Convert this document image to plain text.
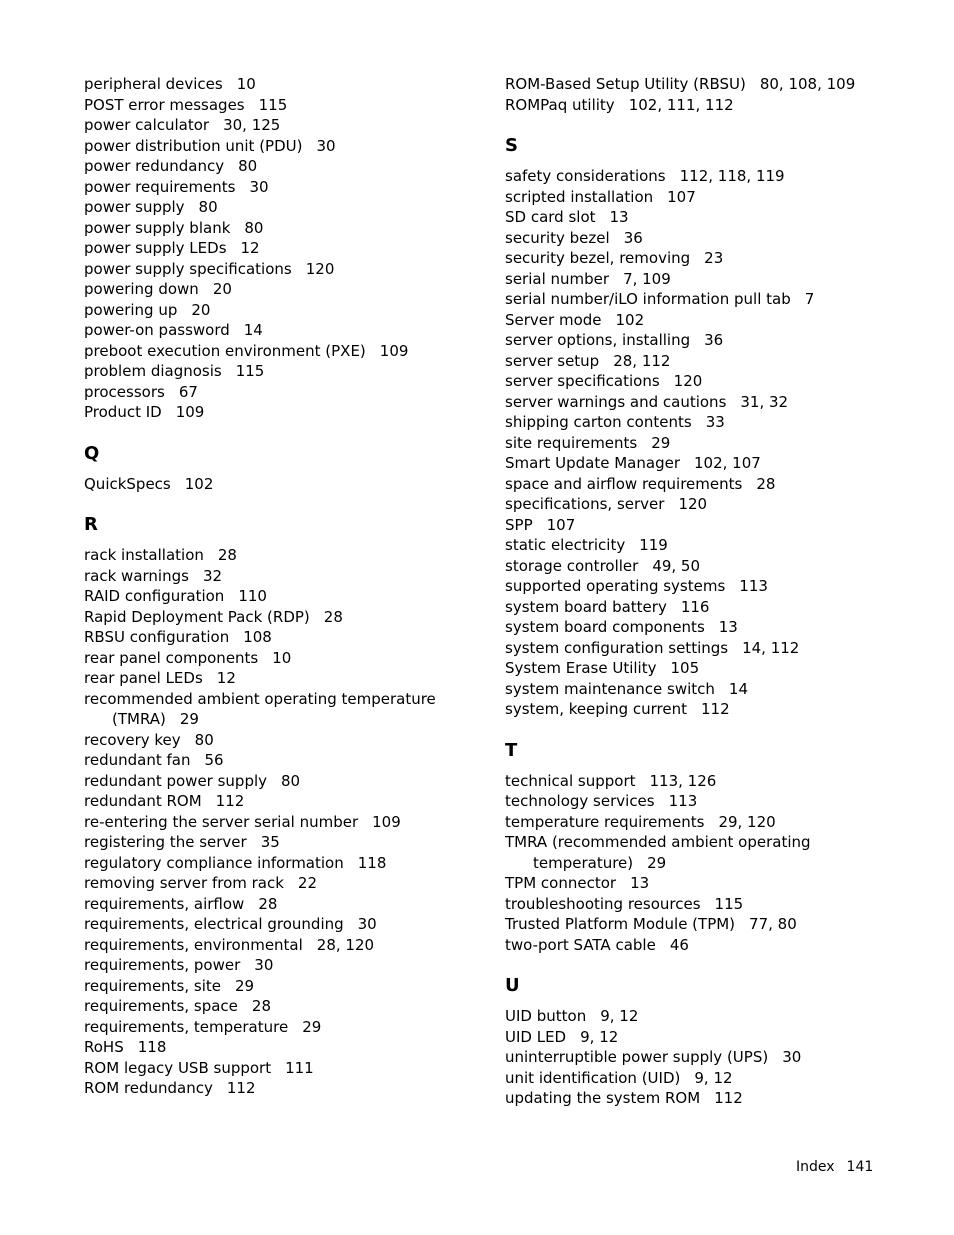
peripheral devices 10
POST error messages 115
power calculator 30, 125
power distribution unit (PDU) 30
power redundancy 80
power requirements 30
power supply 80
power supply blank 80
power supply LEDs 12
power supply specifications 120
powering down 20
powering up 20
power-on password 14
preboot execution environment (PXE) 109
problem diagnosis 115
processors 67
Product ID 109
Q
QuickSpecs 102
R
rack installation 28
rack warnings 32
RAID configuration 110
Rapid Deployment Pack (RDP) 28
RBSU configuration 108
rear panel components 10
rear panel LEDs 12
recommended ambient operating temperature (TMRA) 29
recovery key 80
redundant fan 56
redundant power supply 80
redundant ROM 112
re-entering the server serial number 109
registering the server 35
regulatory compliance information 118
removing server from rack 22
requirements, airflow 28
requirements, electrical grounding 30
requirements, environmental 28, 120
requirements, power 30
requirements, site 29
requirements, space 28
requirements, temperature 29
RoHS 118
ROM legacy USB support 111
ROM redundancy 112
ROM-Based Setup Utility (RBSU) 80, 108, 109
ROMPaq utility 102, 111, 112
S
safety considerations 112, 118, 119
scripted installation 107
SD card slot 13
security bezel 36
security bezel, removing 23
serial number 7, 109
serial number/iLO information pull tab 7
Server mode 102
server options, installing 36
server setup 28, 112
server specifications 120
server warnings and cautions 31, 32
shipping carton contents 33
site requirements 29
Smart Update Manager 102, 107
space and airflow requirements 28
specifications, server 120
SPP 107
static electricity 119
storage controller 49, 50
supported operating systems 113
system board battery 116
system board components 13
system configuration settings 14, 112
System Erase Utility 105
system maintenance switch 14
system, keeping current 112
T
technical support 113, 126
technology services 113
temperature requirements 29, 120
TMRA (recommended ambient operating temperature) 29
TPM connector 13
troubleshooting resources 115
Trusted Platform Module (TPM) 77, 80
two-port SATA cable 46
U
UID button 9, 12
UID LED 9, 12
uninterruptible power supply (UPS) 30
unit identification (UID) 9, 12
updating the system ROM 112
Index 141
